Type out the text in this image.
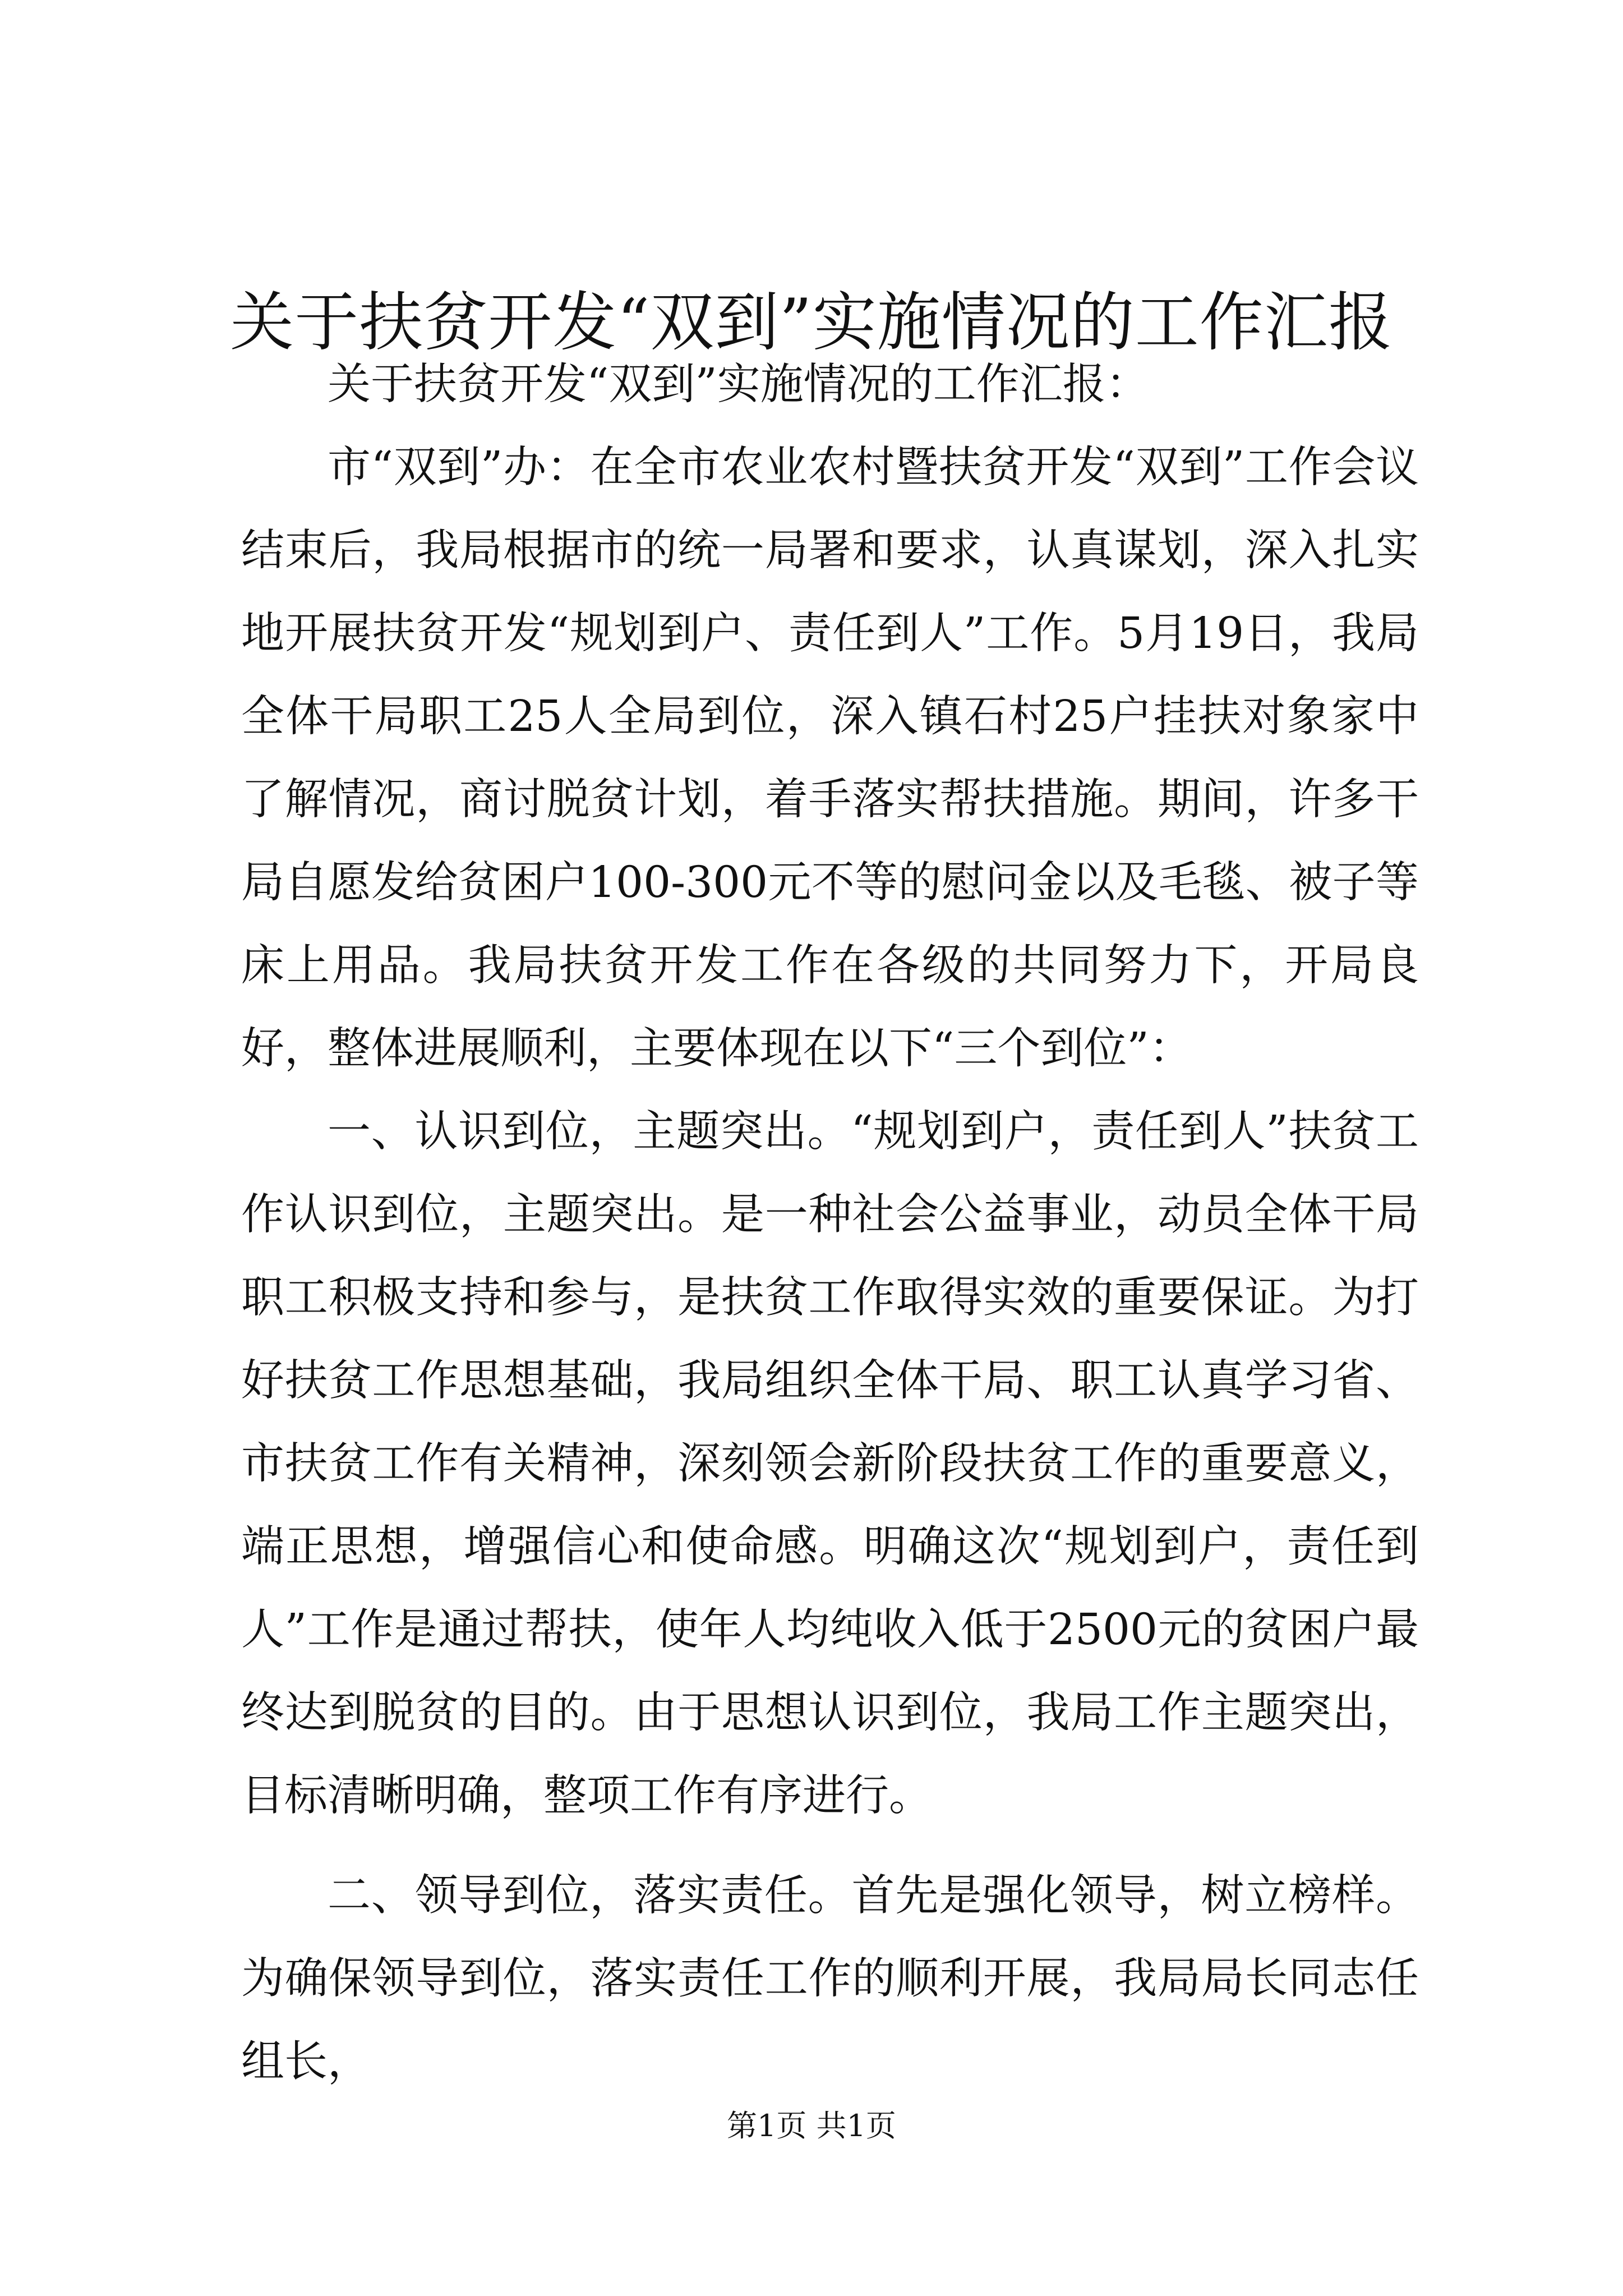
关于扶贫开发“双到”实施情况的工作汇报

关于扶贫开发“双到”实施情况的工作汇报：

市“双到”办：在全市农业农村暨扶贫开发“双到”工作会议结束后，我局根据市的统一局署和要求，认真谋划，深入扎实地开展扶贫开发“规划到户、责任到人”工作。5月19日，我局全体干局职工25人全局到位，深入镇石村25户挂扶对象家中了解情况，商讨脱贫计划，着手落实帮扶措施。期间，许多干局自愿发给贫困户100-300元不等的慰问金以及毛毯、被子等床上用品。我局扶贫开发工作在各级的共同努力下，开局良好，整体进展顺利，主要体现在以下“三个到位”：

一、认识到位，主题突出。“规划到户，责任到人”扶贫工作认识到位，主题突出。是一种社会公益事业，动员全体干局职工积极支持和参与，是扶贫工作取得实效的重要保证。为打好扶贫工作思想基础，我局组织全体干局、职工认真学习省、市扶贫工作有关精神，深刻领会新阶段扶贫工作的重要意义，端正思想，增强信心和使命感。明确这次“规划到户，责任到人”工作是通过帮扶，使年人均纯收入低于2500元的贫困户最终达到脱贫的目的。由于思想认识到位，我局工作主题突出，目标清晰明确，整项工作有序进行。

二、领导到位，落实责任。首先是强化领导，树立榜样。为确保领导到位，落实责任工作的顺利开展，我局局长同志任组长，

第1页 共1页
